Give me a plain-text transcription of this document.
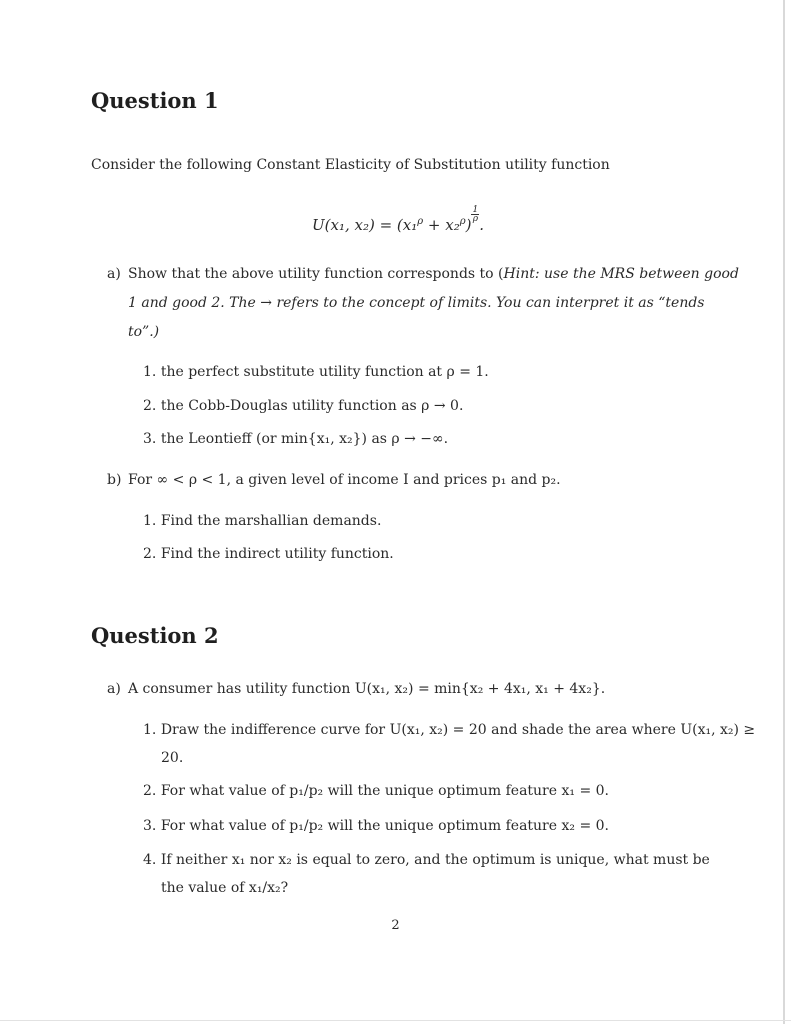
Question 1
Consider the following Constant Elasticity of Substitution utility function
U(x₁, x₂) = (x₁$^\rho$ + x₂$^\rho$)
$\frac{1}{\rho}$
.
a) Show that the above utility function corresponds to (Hint: use the MRS between good
1 and good 2. The → refers to the concept of limits. You can interpret it as “tends
to”.)
1. the perfect substitute utility function at ρ = 1.
2. the Cobb-Douglas utility function as ρ → 0.
3. the Leontieff (or min{x₁, x₂}) as ρ → −∞.
b) For ∞ < ρ < 1, a given level of income I and prices p₁ and p₂.
1. Find the marshallian demands.
2. Find the indirect utility function.
Question 2
a) A consumer has utility function U(x₁, x₂) = min{x₂ + 4x₁, x₁ + 4x₂}.
1. Draw the indifference curve for U(x₁, x₂) = 20 and shade the area where U(x₁, x₂) ≥
20.
2. For what value of p₁/p₂ will the unique optimum feature x₁ = 0.
3. For what value of p₁/p₂ will the unique optimum feature x₂ = 0.
4. If neither x₁ nor x₂ is equal to zero, and the optimum is unique, what must be
the value of x₁/x₂?
2
